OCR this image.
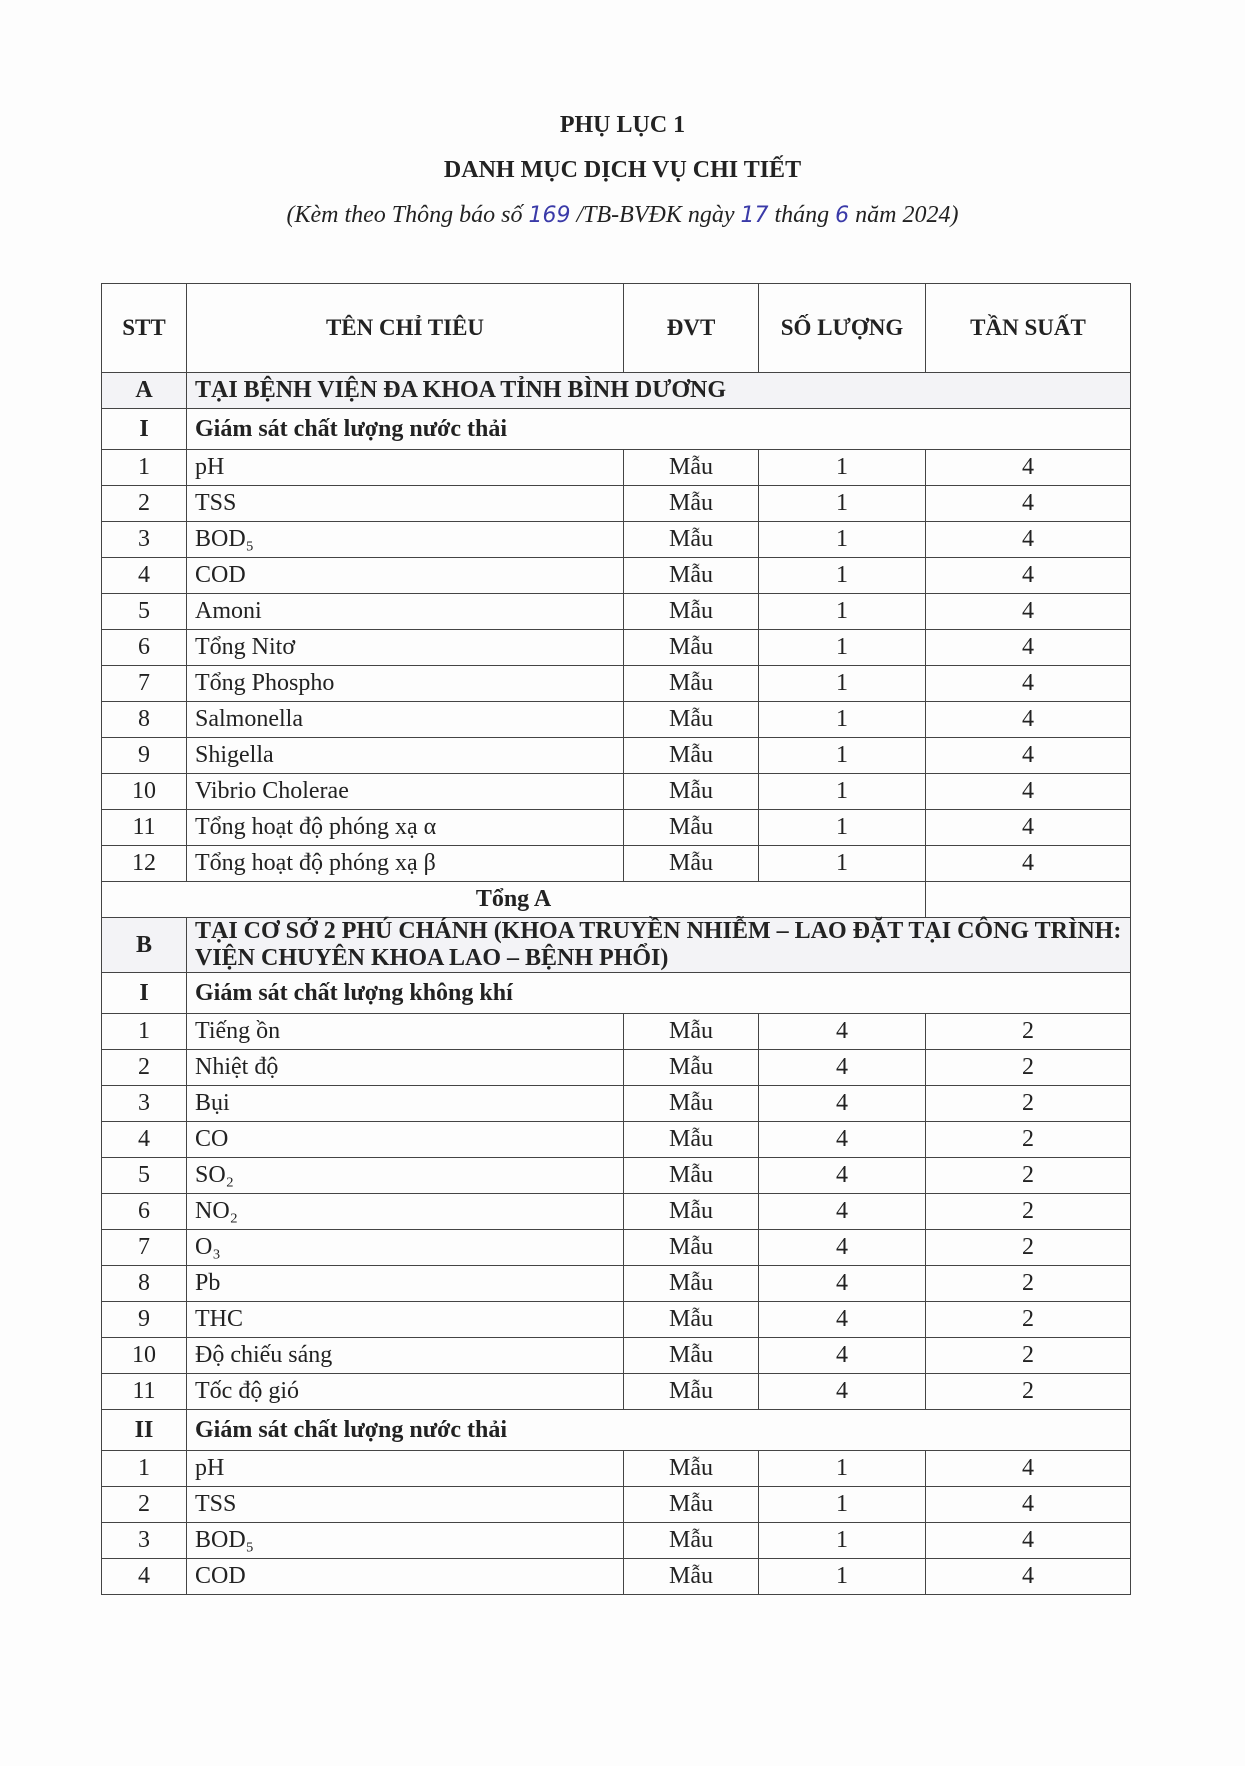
PHỤ LỤC 1
DANH MỤC DỊCH VỤ CHI TIẾT
(Kèm theo Thông báo số 169 /TB-BVĐK ngày 17 tháng 6 năm 2024)
STT	TÊN CHỈ TIÊU	ĐVT	SỐ LƯỢNG	TẦN SUẤT
A	TẠI BỆNH VIỆN ĐA KHOA TỈNH BÌNH DƯƠNG			
I	Giám sát chất lượng nước thải			
1	pH	Mẫu	1	4
2	TSS	Mẫu	1	4
3	BOD₅	Mẫu	1	4
4	COD	Mẫu	1	4
5	Amoni	Mẫu	1	4
6	Tổng Nitơ	Mẫu	1	4
7	Tổng Phospho	Mẫu	1	4
8	Salmonella	Mẫu	1	4
9	Shigella	Mẫu	1	4
10	Vibrio Cholerae	Mẫu	1	4
11	Tổng hoạt độ phóng xạ α	Mẫu	1	4
12	Tổng hoạt độ phóng xạ β	Mẫu	1	4
Tổng A				
B	TẠI CƠ SỞ 2 PHÚ CHÁNH (KHOA TRUYỀN NHIỄM – LAO ĐẶT TẠI CÔNG TRÌNH: VIỆN CHUYÊN KHOA LAO – BỆNH PHỔI)			
I	Giám sát chất lượng không khí			
1	Tiếng ồn	Mẫu	4	2
2	Nhiệt độ	Mẫu	4	2
3	Bụi	Mẫu	4	2
4	CO	Mẫu	4	2
5	SO₂	Mẫu	4	2
6	NO₂	Mẫu	4	2
7	O₃	Mẫu	4	2
8	Pb	Mẫu	4	2
9	THC	Mẫu	4	2
10	Độ chiếu sáng	Mẫu	4	2
11	Tốc độ gió	Mẫu	4	2
II	Giám sát chất lượng nước thải			
1	pH	Mẫu	1	4
2	TSS	Mẫu	1	4
3	BOD₅	Mẫu	1	4
4	COD	Mẫu	1	4
